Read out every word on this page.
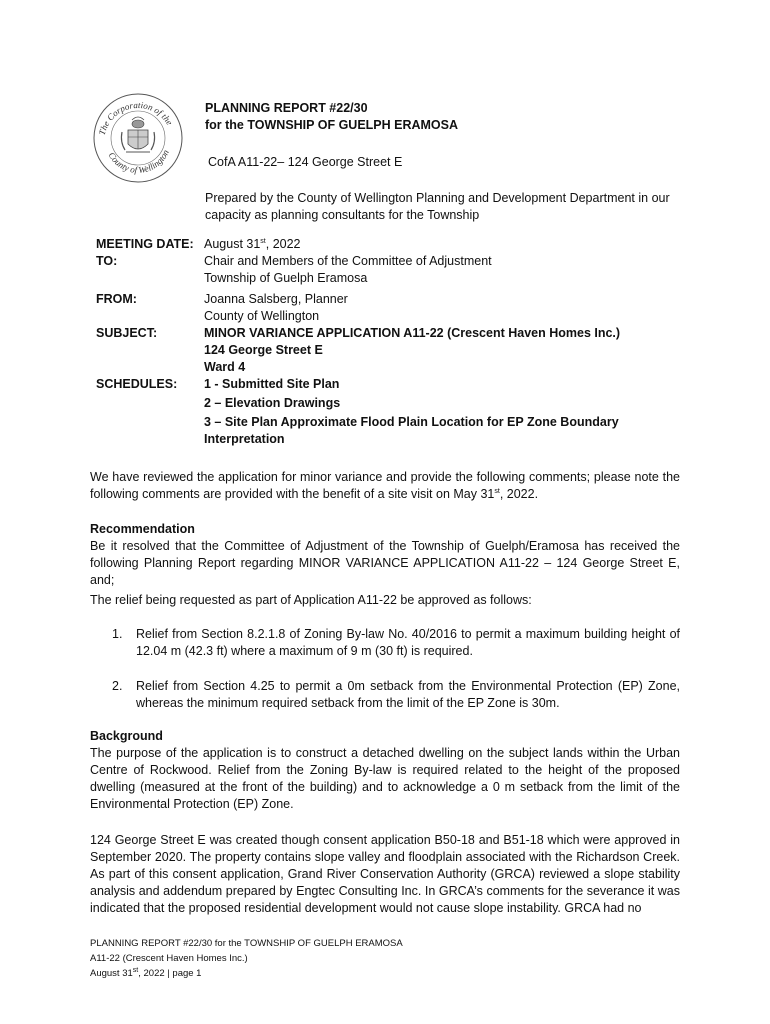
The Corporation of the
County of Wellington
PLANNING REPORT #22/30
for the TOWNSHIP OF GUELPH ERAMOSA
CofA A11-22– 124 George Street E
Prepared by the County of Wellington Planning and Development Department in our capacity as planning consultants for the Township
MEETING DATE: August 31st, 2022
TO:	Chair and Members of the Committee of Adjustment
Township of Guelph Eramosa
FROM:	Joanna Salsberg, Planner
County of Wellington
SUBJECT:	MINOR VARIANCE APPLICATION A11-22 (Crescent Haven Homes Inc.)
124 George Street E
Ward 4
SCHEDULES:	1 - Submitted Site Plan
2 – Elevation Drawings
3 – Site Plan Approximate Flood Plain Location for EP Zone Boundary Interpretation
We have reviewed the application for minor variance and provide the following comments; please note the following comments are provided with the benefit of a site visit on May 31st, 2022.
Recommendation
Be it resolved that the Committee of Adjustment of the Township of Guelph/Eramosa has received the following Planning Report regarding MINOR VARIANCE APPLICATION A11-22 – 124 George Street E, and;
The relief being requested as part of Application A11-22 be approved as follows:
1.	Relief from Section 8.2.1.8 of Zoning By-law No. 40/2016 to permit a maximum building height of 12.04 m (42.3 ft) where a maximum of 9 m (30 ft) is required.
2.	Relief from Section 4.25 to permit a 0m setback from the Environmental Protection (EP) Zone, whereas the minimum required setback from the limit of the EP Zone is 30m.
Background
The purpose of the application is to construct a detached dwelling on the subject lands within the Urban Centre of Rockwood. Relief from the Zoning By-law is required related to the height of the proposed dwelling (measured at the front of the building) and to acknowledge a 0 m setback from the limit of the Environmental Protection (EP) Zone.
124 George Street E was created though consent application B50-18 and B51-18 which were approved in September 2020. The property contains slope valley and floodplain associated with the Richardson Creek. As part of this consent application, Grand River Conservation Authority (GRCA) reviewed a slope stability analysis and addendum prepared by Engtec Consulting Inc. In GRCA’s comments for the severance it was indicated that the proposed residential development would not cause slope instability. GRCA had no
PLANNING REPORT #22/30 for the TOWNSHIP OF GUELPH ERAMOSA
A11-22 (Crescent Haven Homes Inc.)
August 31st, 2022 | page 1
